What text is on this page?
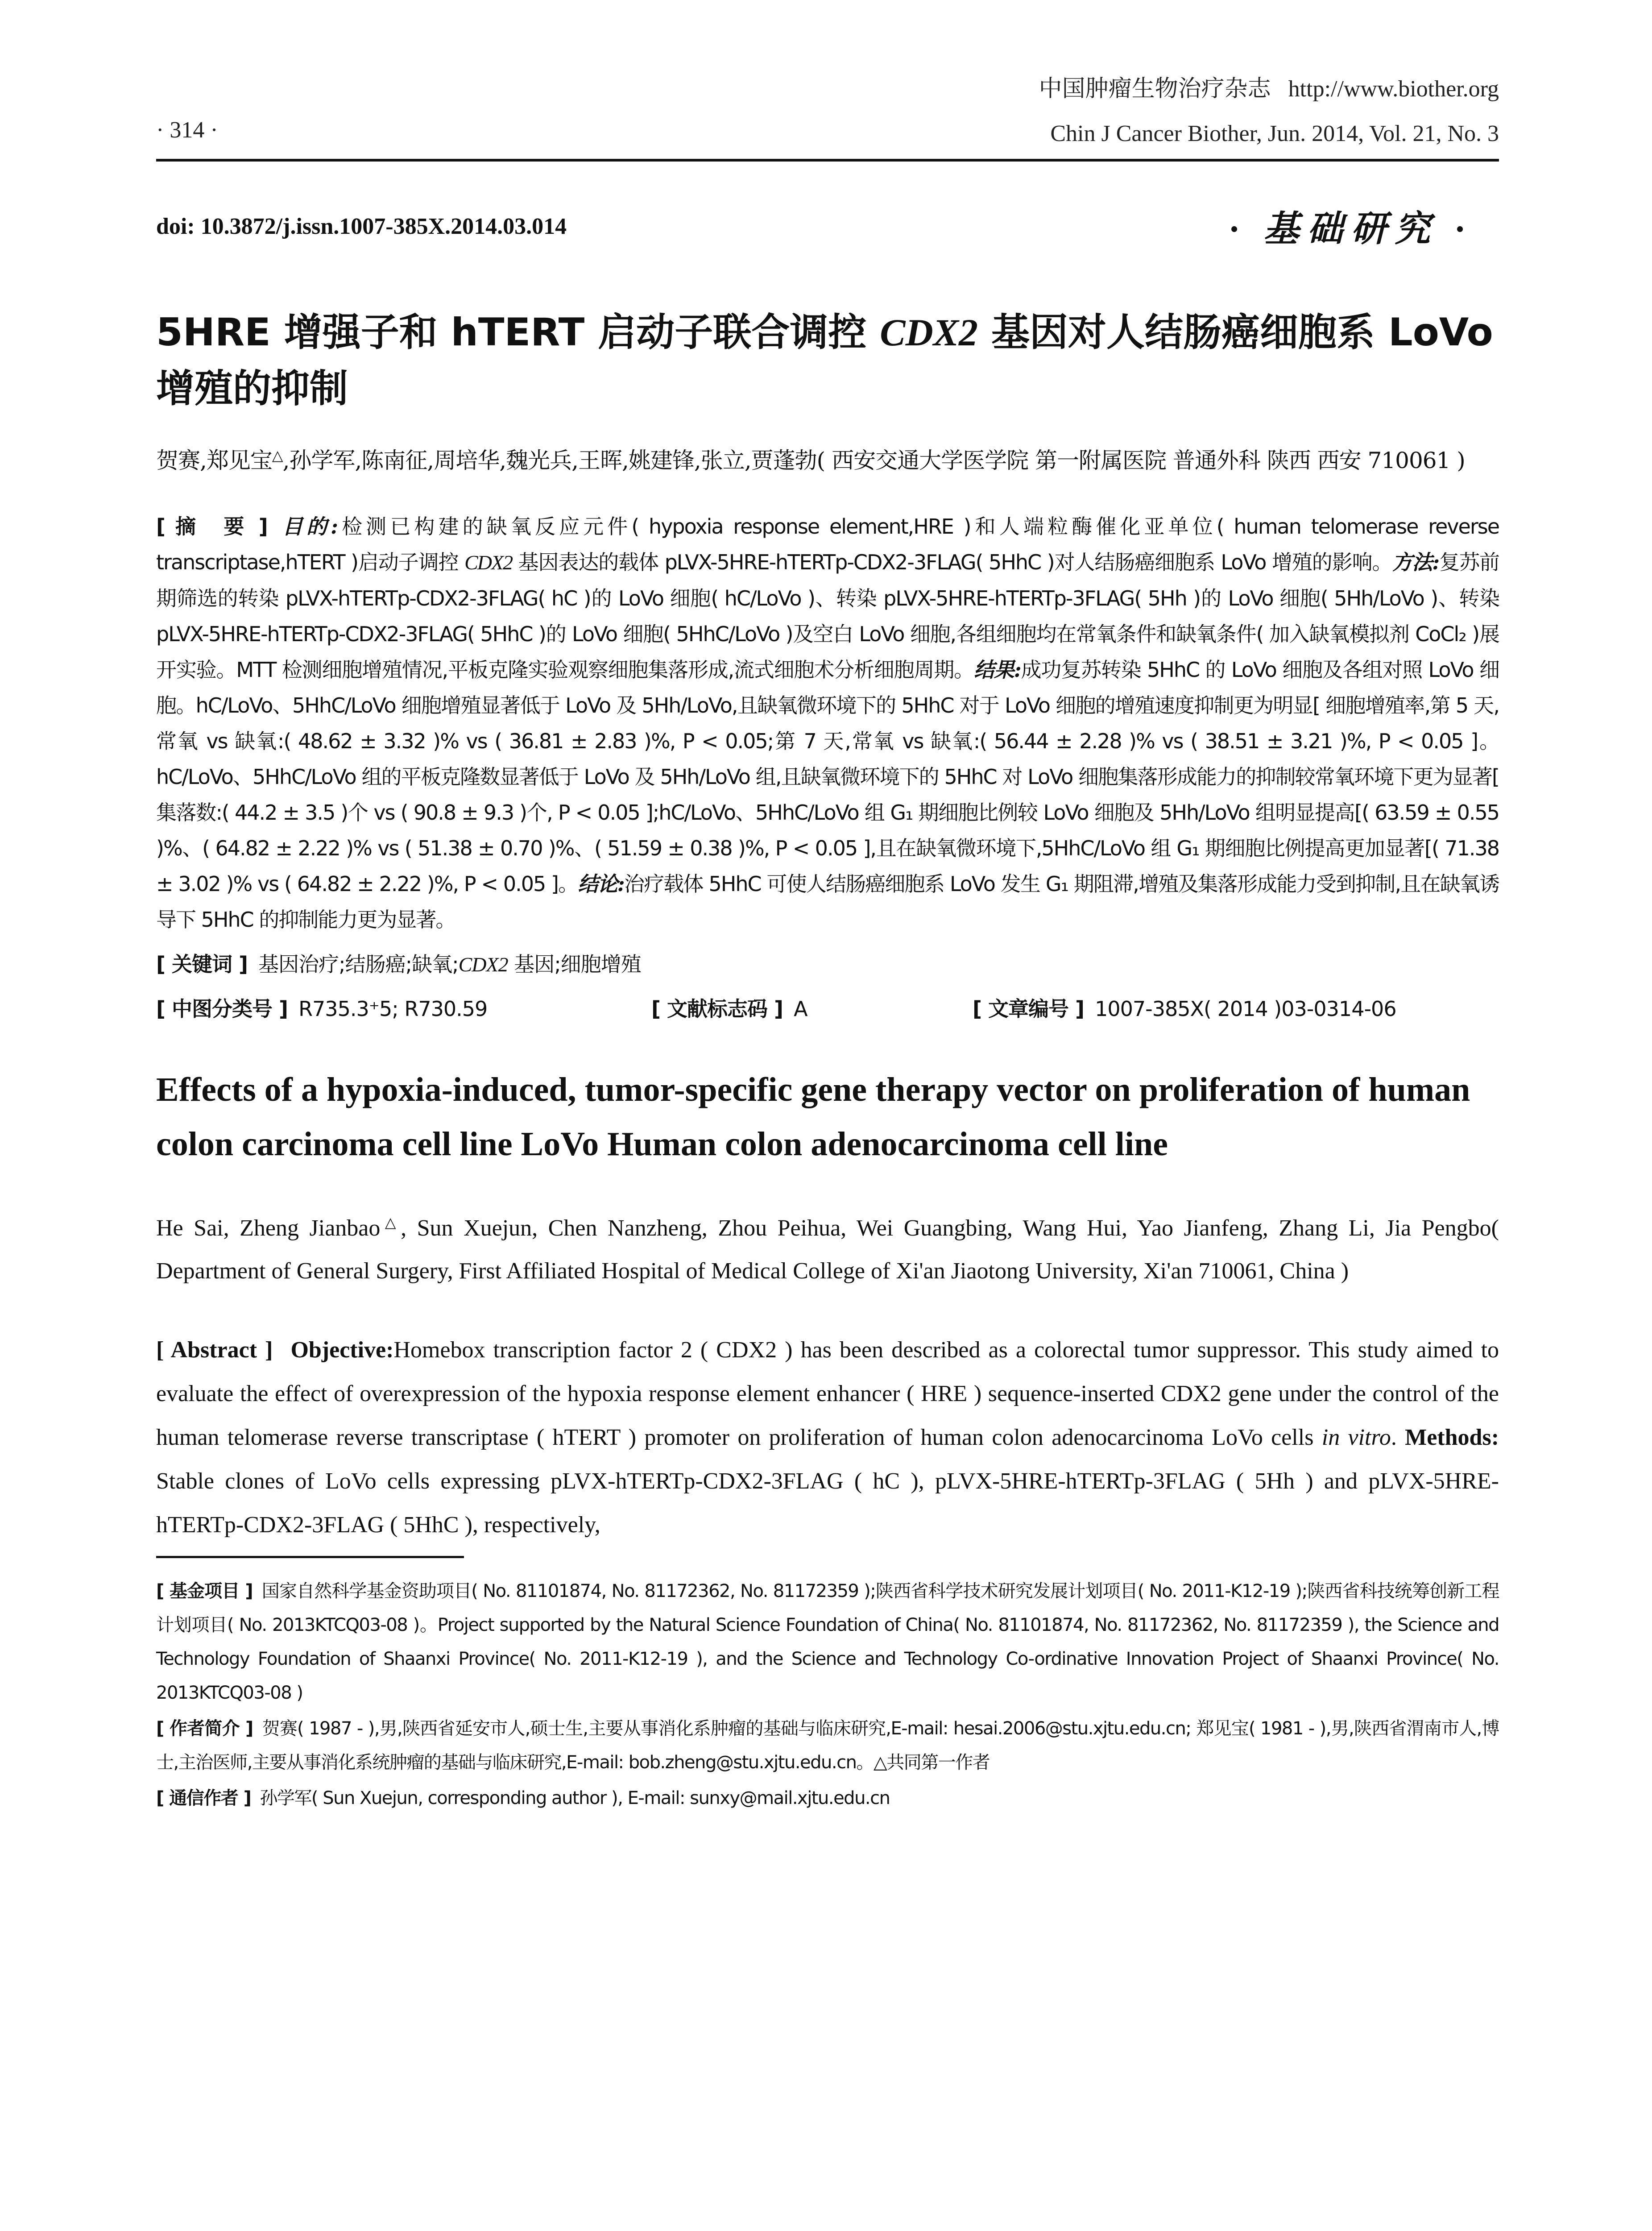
中国肿瘤生物治疗杂志 http://www.biother.org
Chin J Cancer Biother, Jun. 2014, Vol. 21, No. 3
· 314 ·
doi: 10.3872/j.issn.1007-385X.2014.03.014	· 基础研究 ·
5HRE 增强子和 hTERT 启动子联合调控 CDX2 基因对人结肠癌细胞系 LoVo增殖的抑制
贺赛,郑见宝△,孙学军,陈南征,周培华,魏光兵,王晖,姚建锋,张立,贾蓬勃( 西安交通大学医学院 第一附属医院 普通外科 陕西 西安 710061 )
[ 摘　要 ] 目的:检测已构建的缺氧反应元件( hypoxia response element,HRE )和人端粒酶催化亚单位( human telomerase reverse transcriptase,hTERT )启动子调控 CDX2 基因表达的载体 pLVX-5HRE-hTERTp-CDX2-3FLAG( 5HhC )对人结肠癌细胞系 LoVo 增殖的影响。方法:复苏前期筛选的转染 pLVX-hTERTp-CDX2-3FLAG( hC )的 LoVo 细胞( hC/LoVo )、转染 pLVX-5HRE-hTERTp-3FLAG( 5Hh )的 LoVo 细胞( 5Hh/LoVo )、转染 pLVX-5HRE-hTERTp-CDX2-3FLAG( 5HhC )的 LoVo 细胞( 5HhC/LoVo )及空白 LoVo 细胞,各组细胞均在常氧条件和缺氧条件( 加入缺氧模拟剂 CoCl₂ )展开实验。MTT 检测细胞增殖情况,平板克隆实验观察细胞集落形成,流式细胞术分析细胞周期。结果:成功复苏转染 5HhC 的 LoVo 细胞及各组对照 LoVo 细胞。hC/LoVo、5HhC/LoVo 细胞增殖显著低于 LoVo 及 5Hh/LoVo,且缺氧微环境下的 5HhC 对于 LoVo 细胞的增殖速度抑制更为明显[ 细胞增殖率,第 5 天,常氧 vs 缺氧:( 48.62 ± 3.32 )% vs ( 36.81 ± 2.83 )%, P < 0.05;第 7 天,常氧 vs 缺氧:( 56.44 ± 2.28 )% vs ( 38.51 ± 3.21 )%, P < 0.05 ]。hC/LoVo、5HhC/LoVo 组的平板克隆数显著低于 LoVo 及 5Hh/LoVo 组,且缺氧微环境下的 5HhC 对 LoVo 细胞集落形成能力的抑制较常氧环境下更为显著[ 集落数:( 44.2 ± 3.5 )个 vs ( 90.8 ± 9.3 )个, P < 0.05 ];hC/LoVo、5HhC/LoVo 组 G₁ 期细胞比例较 LoVo 细胞及 5Hh/LoVo 组明显提高[( 63.59 ± 0.55 )%、( 64.82 ± 2.22 )% vs ( 51.38 ± 0.70 )%、( 51.59 ± 0.38 )%, P < 0.05 ],且在缺氧微环境下,5HhC/LoVo 组 G₁ 期细胞比例提高更加显著[( 71.38 ± 3.02 )% vs ( 64.82 ± 2.22 )%, P < 0.05 ]。结论:治疗载体 5HhC 可使人结肠癌细胞系 LoVo 发生 G₁ 期阻滞,增殖及集落形成能力受到抑制,且在缺氧诱导下 5HhC 的抑制能力更为显著。
[ 关键词 ] 基因治疗;结肠癌;缺氧;CDX2 基因;细胞增殖
[ 中图分类号 ] R735.3⁺5; R730.59	[ 文献标志码 ] A	[ 文章编号 ] 1007-385X( 2014 )03-0314-06
Effects of a hypoxia-induced, tumor-specific gene therapy vector on proliferation of human colon carcinoma cell line LoVo Human colon adenocarcinoma cell line
He Sai, Zheng Jianbao△, Sun Xuejun, Chen Nanzheng, Zhou Peihua, Wei Guangbing, Wang Hui, Yao Jianfeng, Zhang Li, Jia Pengbo( Department of General Surgery, First Affiliated Hospital of Medical College of Xi'an Jiaotong University, Xi'an 710061, China )
[ Abstract ] Objective:Homebox transcription factor 2 ( CDX2 ) has been described as a colorectal tumor suppressor. This study aimed to evaluate the effect of overexpression of the hypoxia response element enhancer ( HRE ) sequence-inserted CDX2 gene under the control of the human telomerase reverse transcriptase ( hTERT ) promoter on proliferation of human colon adenocarcinoma LoVo cells in vitro. Methods: Stable clones of LoVo cells expressing pLVX-hTERTp-CDX2-3FLAG ( hC ), pLVX-5HRE-hTERTp-3FLAG ( 5Hh ) and pLVX-5HRE-hTERTp-CDX2-3FLAG ( 5HhC ), respectively,
[ 基金项目 ] 国家自然科学基金资助项目( No. 81101874, No. 81172362, No. 81172359 );陕西省科学技术研究发展计划项目( No. 2011-K12-19 );陕西省科技统筹创新工程计划项目( No. 2013KTCQ03-08 )。Project supported by the Natural Science Foundation of China( No. 81101874, No. 81172362, No. 81172359 ), the Science and Technology Foundation of Shaanxi Province( No. 2011-K12-19 ), and the Science and Technology Co-ordinative Innovation Project of Shaanxi Province( No. 2013KTCQ03-08 )
[ 作者简介 ] 贺赛( 1987 - ),男,陕西省延安市人,硕士生,主要从事消化系肿瘤的基础与临床研究,E-mail: hesai.2006@stu.xjtu.edu.cn; 郑见宝( 1981 - ),男,陕西省渭南市人,博士,主治医师,主要从事消化系统肿瘤的基础与临床研究,E-mail: bob.zheng@stu.xjtu.edu.cn。△共同第一作者
[ 通信作者 ] 孙学军( Sun Xuejun, corresponding author ), E-mail: sunxy@mail.xjtu.edu.cn
